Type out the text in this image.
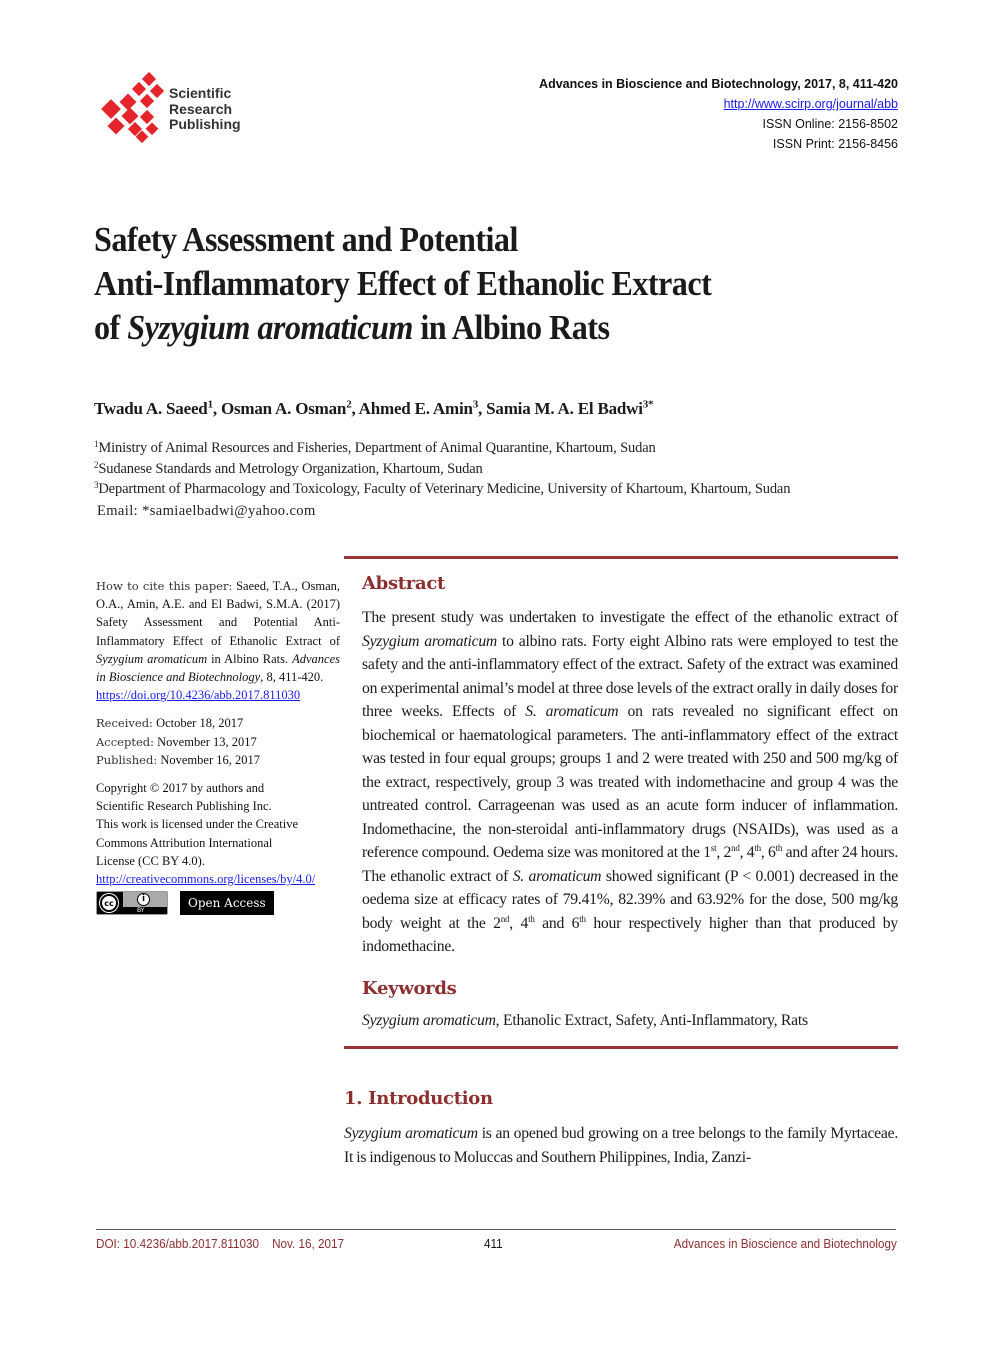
Scientific
Research
Publishing
Advances in Bioscience and Biotechnology, 2017, 8, 411-420
http://www.scirp.org/journal/abb
ISSN Online: 2156-8502
ISSN Print: 2156-8456
Safety Assessment and Potential
Anti-Inflammatory Effect of Ethanolic Extract
of Syzygium aromaticum in Albino Rats
Twadu A. Saeed$^1$, Osman A. Osman$^2$, Ahmed E. Amin$^3$, Samia M. A. El Badwi$^{3*}$
$^1$Ministry of Animal Resources and Fisheries, Department of Animal Quarantine, Khartoum, Sudan
$^2$Sudanese Standards and Metrology Organization, Khartoum, Sudan
$^3$Department of Pharmacology and Toxicology, Faculty of Veterinary Medicine, University of Khartoum, Khartoum, Sudan
Email: *samiaelbadwi@yahoo.com
How to cite this paper: Saeed, T.A., Osman, O.A., Amin, A.E. and El Badwi, S.M.A. (2017) Safety Assessment and Potential Anti-Inflammatory Effect of Ethanolic Extract of Syzygium aromaticum in Albino Rats. Advances in Bioscience and Biotechnology, 8, 411-420.
https://doi.org/10.4236/abb.2017.811030
Received: October 18, 2017
Accepted: November 13, 2017
Published: November 16, 2017
Copyright © 2017 by authors and
Scientific Research Publishing Inc.
This work is licensed under the Creative
Commons Attribution International
License (CC BY 4.0).
http://creativecommons.org/licenses/by/4.0/
cc	i
BY
Open Access
Abstract
The present study was undertaken to investigate the effect of the ethanolic extract of Syzygium aromaticum to albino rats. Forty eight Albino rats were employed to test the safety and the anti-inflammatory effect of the extract. Safety of the extract was examined on experimental animal’s model at three dose levels of the extract orally in daily doses for three weeks. Effects of S. aromaticum on rats revealed no significant effect on biochemical or haematological parameters. The anti-inflammatory effect of the extract was tested in four equal groups; groups 1 and 2 were treated with 250 and 500 mg/kg of the extract, respectively, group 3 was treated with indomethacine and group 4 was the untreated control. Carrageenan was used as an acute form inducer of inflammation. Indomethacine, the non-steroidal anti-inflammatory drugs (NSAIDs), was used as a reference compound. Oedema size was monitored at the 1st, 2nd, 4th, 6th and after 24 hours. The ethanolic extract of S. aromaticum showed significant (P < 0.001) decreased in the oedema size at efficacy rates of 79.41%, 82.39% and 63.92% for the dose, 500 mg/kg body weight at the 2nd, 4th and 6th hour respectively higher than that produced by indomethacine.
Keywords
Syzygium aromaticum, Ethanolic Extract, Safety, Anti-Inflammatory, Rats
1. Introduction
Syzygium aromaticum is an opened bud growing on a tree belongs to the family Myrtaceae. It is indigenous to Moluccas and Southern Philippines, India, Zanzi-
DOI: 10.4236/abb.2017.811030    Nov. 16, 2017	411	Advances in Bioscience and Biotechnology
